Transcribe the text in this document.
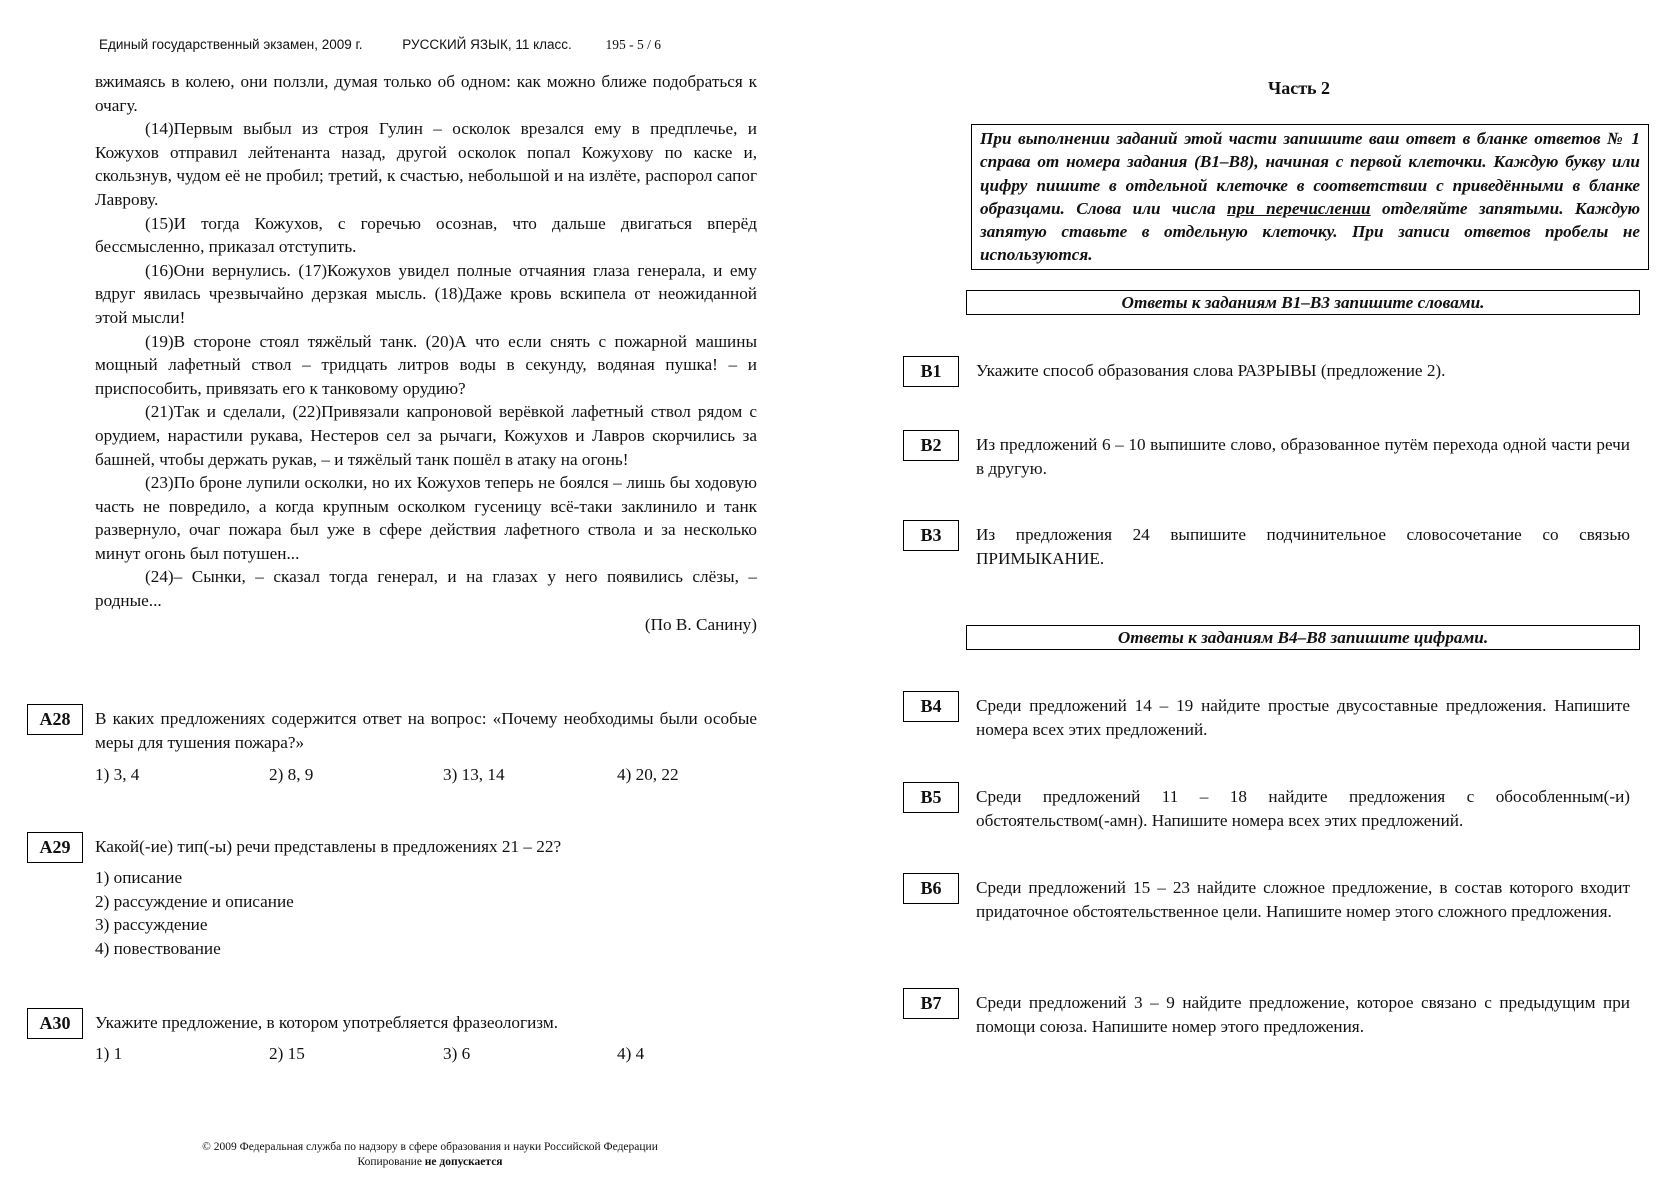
Единый государственный экзамен, 2009 г.	РУССКИЙ ЯЗЫК, 11 класс.	195 - 5 / 6

вжимаясь в колею, они ползли, думая только об одном: как можно ближе подобраться к очагу.

(14)Первым выбыл из строя Гулин – осколок врезался ему в предплечье, и Кожухов отправил лейтенанта назад, другой осколок попал Кожухову по каске и, скользнув, чудом её не пробил; третий, к счастью, небольшой и на излёте, распорол сапог Лаврову.

(15)И тогда Кожухов, с горечью осознав, что дальше двигаться вперёд бессмысленно, приказал отступить.

(16)Они вернулись. (17)Кожухов увидел полные отчаяния глаза генерала, и ему вдруг явилась чрезвычайно дерзкая мысль. (18)Даже кровь вскипела от неожиданной этой мысли!

(19)В стороне стоял тяжёлый танк. (20)А что если снять с пожарной машины мощный лафетный ствол – тридцать литров воды в секунду, водяная пушка! – и приспособить, привязать его к танковому орудию?

(21)Так и сделали, (22)Привязали капроновой верёвкой лафетный ствол рядом с орудием, нарастили рукава, Нестеров сел за рычаги, Кожухов и Лавров скорчились за башней, чтобы держать рукав, – и тяжёлый танк пошёл в атаку на огонь!

(23)По броне лупили осколки, но их Кожухов теперь не боялся – лишь бы ходовую часть не повредило, а когда крупным осколком гусеницу всё-таки заклинило и танк развернуло, очаг пожара был уже в сфере действия лафетного ствола и за несколько минут огонь был потушен...

(24)– Сынки, – сказал тогда генерал, и на глазах у него появились слёзы, – родные...

(По В. Санину)

A28	В каких предложениях содержится ответ на вопрос: «Почему необходимы были особые меры для тушения пожара?»
1) 3, 4	2) 8, 9	3) 13, 14	4) 20, 22
A29	Какой(-ие) тип(-ы) речи представлены в предложениях 21 – 22?
1) описание
2) рассуждение и описание
3) рассуждение
4) повествование
A30	Укажите предложение, в котором употребляется фразеологизм.
1) 1	2) 15	3) 6	4) 4
© 2009 Федеральная служба по надзору в сфере образования и науки Российской Федерации
Копирование не допускается
Часть 2
При выполнении заданий этой части запишите ваш ответ в бланке ответов № 1 справа от номера задания (В1–В8), начиная с первой клеточки. Каждую букву или цифру пишите в отдельной клеточке в соответствии с приведёнными в бланке образцами. Слова или числа при перечислении отделяйте запятыми. Каждую запятую ставьте в отдельную клеточку. При записи ответов пробелы не используются.
Ответы к заданиям В1–В3 запишите словами.
B1	Укажите способ образования слова РАЗРЫВЫ (предложение 2).
B2	Из предложений 6 – 10 выпишите слово, образованное путём перехода одной части речи в другую.
B3	Из предложения 24 выпишите подчинительное словосочетание со связью ПРИМЫКАНИЕ.
Ответы к заданиям В4–В8 запишите цифрами.
B4	Среди предложений 14 – 19 найдите простые двусоставные предложения. Напишите номера всех этих предложений.
B5	Среди предложений 11 – 18 найдите предложения с обособленным(-и) обстоятельством(-амн). Напишите номера всех этих предложений.
B6	Среди предложений 15 – 23 найдите сложное предложение, в состав которого входит придаточное обстоятельственное цели. Напишите номер этого сложного предложения.
B7	Среди предложений 3 – 9 найдите предложение, которое связано с предыдущим при помощи союза. Напишите номер этого предложения.
